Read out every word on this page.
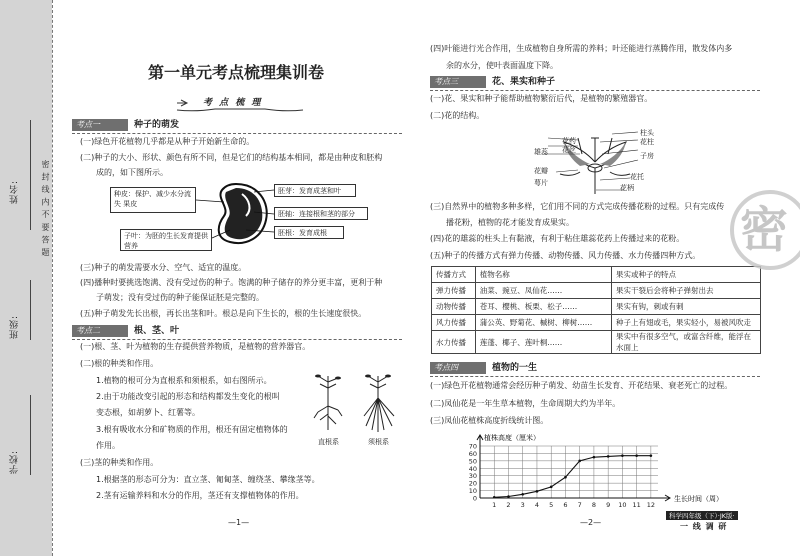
姓名:
班级:
学校:
密 封 线 内 不 要 答 题
第一单元考点梳理集训卷
考 点 梳 理
考点一	种子的萌发
(一)绿色开花植物几乎都是从种子开始新生命的。
(二)种子的大小、形状、颜色有所不同，但是它们的结构基本相同，都是由种皮和胚构
成的，如下图所示。
种皮：保护、减少水分流失 果皮
子叶：为胚的生长发育提供营养
胚芽：发育成茎和叶
胚轴：连接根和茎的部分
胚根：发育成根
(三)种子的萌发需要水分、空气、适宜的温度。
(四)播种时要挑选饱满、没有受过伤的种子。饱满的种子储存的养分更丰富，更利于种
子萌发；没有受过伤的种子能保证胚是完整的。
(五)种子萌发先长出根，再长出茎和叶。根总是向下生长的，根的生长速度很快。
考点二	根、茎、叶
(一)根、茎、叶为植物的生存提供营养物质，是植物的营养器官。
(二)根的种类和作用。
1.植物的根可分为直根系和须根系，如右图所示。
2.由于功能改变引起的形态和结构都发生变化的根叫
变态根，如胡萝卜、红薯等。
3.根有吸收水分和矿物质的作用，根还有固定植物体的
作用。
(三)茎的种类和作用。
1.根据茎的形态可分为：直立茎、匍匐茎、缠绕茎、攀缘茎等。
2.茎有运输养料和水分的作用，茎还有支撑植物体的作用。
直根系	须根系
—1—
(四)叶能进行光合作用，生成植物自身所需的养料；叶还能进行蒸腾作用，散发体内多
余的水分，使叶表面温度下降。
考点三	花、果实和种子
(一)花、果实和种子能帮助植物繁衍后代，是植物的繁殖器官。
(二)花的结构。
雄蕊
花药
花丝
柱头
花柱
子房
花瓣
花托
花柄
萼片
(三)自然界中的植物多种多样，它们用不同的方式完成传播花粉的过程。只有完成传
播花粉，植物的花才能发育成果实。
(四)花的雄蕊的柱头上有黏液，有利于粘住雄蕊花药上传播过来的花粉。
(五)种子的传播方式有弹力传播、动物传播、风力传播、水力传播四种方式。
传播方式	植物名称	果实或种子的特点
弹力传播	油菜、豌豆、凤仙花……	果实干裂后会将种子弹射出去
动物传播	苍耳、樱桃、板栗、松子……	果实有钩，刺或有刺
风力传播	蒲公英、野菊花、槭树、柳树……	种子上有翅或毛，果实轻小，易被风吹走
水力传播	莲蓬、椰子、莲叶桐……	果实中有很多空气，或富含纤维，能浮在水面上
考点四	植物的一生
(一)绿色开花植物通常会经历种子萌发、幼苗生长发育、开花结果、衰老死亡的过程。
(二)凤仙花是一年生草本植物，生命周期大约为半年。
(三)凤仙花植株高度折线统计图。
植株高度（厘米）
生长时间（周）
0
10
20
30
40
50
60
70
1 2 3 4 5 6 7 8 9 10 11 12
—2—
科学四年级（下）·JK版·
一 线 调 研
密
